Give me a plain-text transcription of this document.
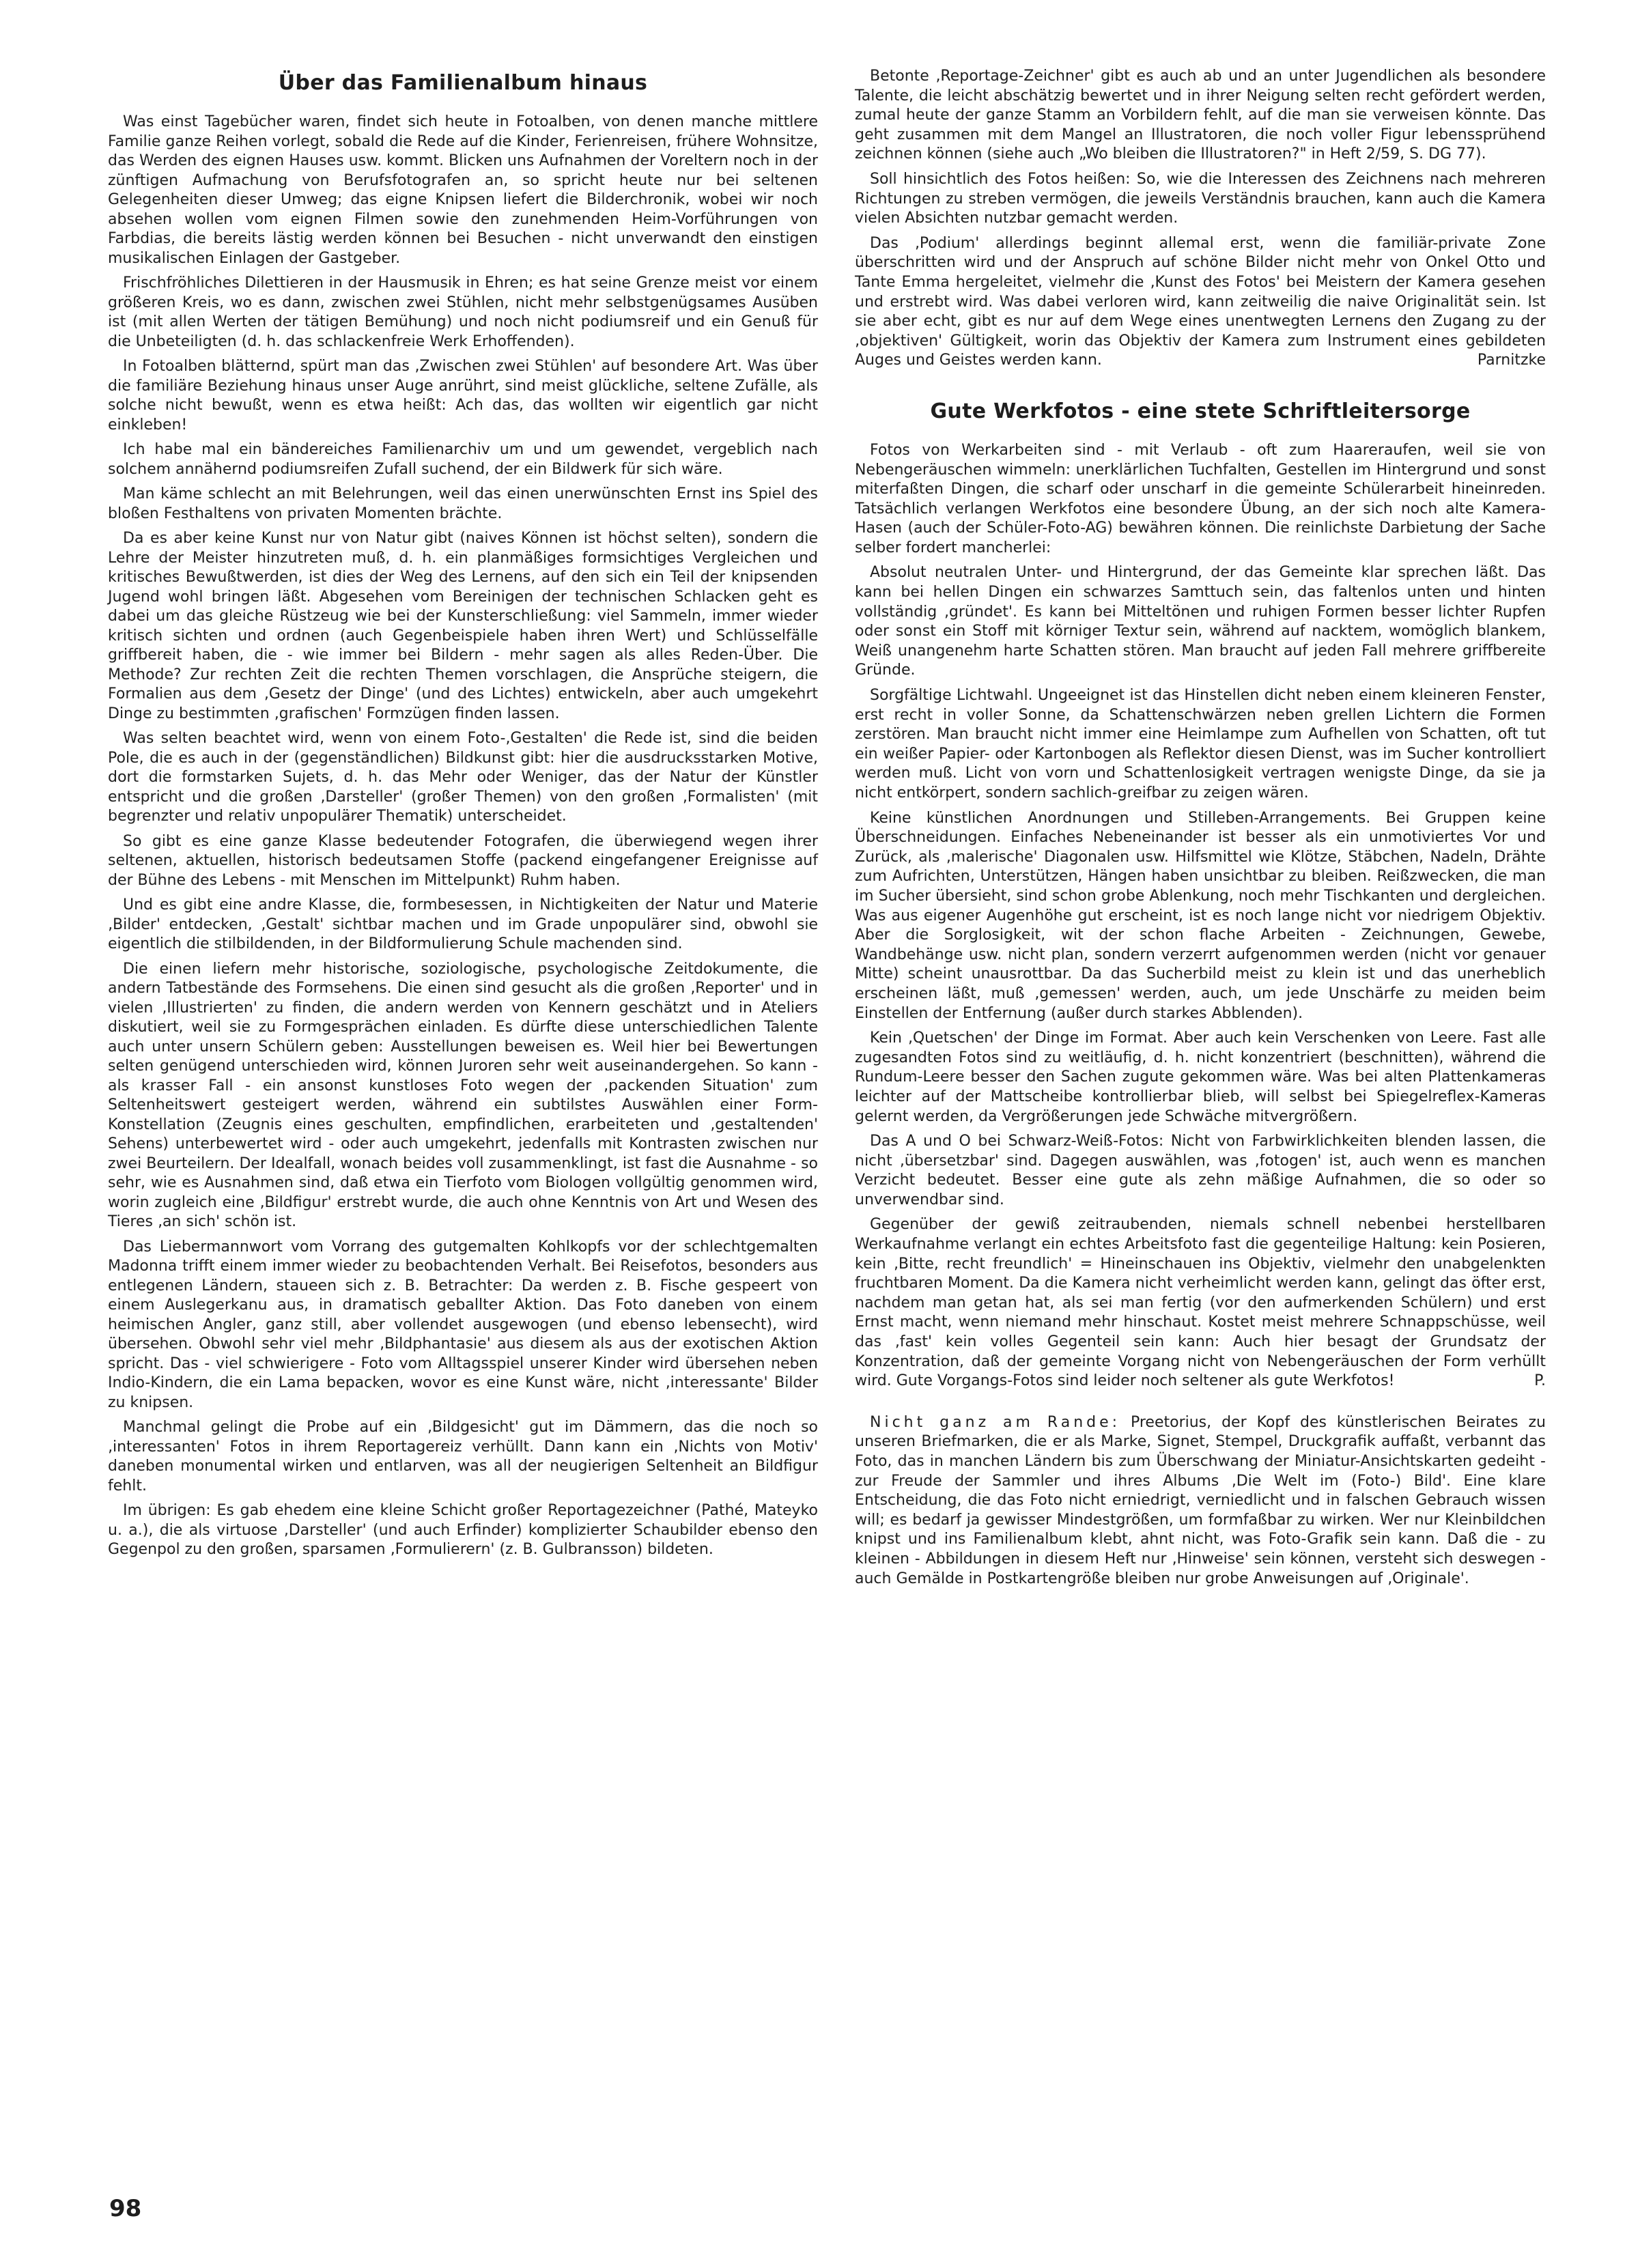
Über das Familienalbum hinaus

Was einst Tagebücher waren, findet sich heute in Fotoalben, von denen manche mittlere Familie ganze Reihen vorlegt, sobald die Rede auf die Kinder, Ferienreisen, frühere Wohnsitze, das Werden des eignen Hauses usw. kommt. Blicken uns Aufnahmen der Voreltern noch in der zünftigen Aufmachung von Berufsfotografen an, so spricht heute nur bei seltenen Gelegenheiten dieser Umweg; das eigne Knipsen liefert die Bilderchronik, wobei wir noch absehen wollen vom eignen Filmen sowie den zunehmenden Heim-Vorführungen von Farbdias, die bereits lästig werden können bei Besuchen - nicht unverwandt den einstigen musikalischen Einlagen der Gastgeber.

Frischfröhliches Dilettieren in der Hausmusik in Ehren; es hat seine Grenze meist vor einem größeren Kreis, wo es dann, zwischen zwei Stühlen, nicht mehr selbstgenügsames Ausüben ist (mit allen Werten der tätigen Bemühung) und noch nicht podiumsreif und ein Genuß für die Unbeteiligten (d. h. das schlackenfreie Werk Erhoffenden).

In Fotoalben blätternd, spürt man das ‚Zwischen zwei Stühlen' auf besondere Art. Was über die familiäre Beziehung hinaus unser Auge anrührt, sind meist glückliche, seltene Zufälle, als solche nicht bewußt, wenn es etwa heißt: Ach das, das wollten wir eigentlich gar nicht einkleben!

Ich habe mal ein bändereiches Familienarchiv um und um gewendet, vergeblich nach solchem annähernd podiumsreifen Zufall suchend, der ein Bildwerk für sich wäre.

Man käme schlecht an mit Belehrungen, weil das einen unerwünschten Ernst ins Spiel des bloßen Festhaltens von privaten Momenten brächte.

Da es aber keine Kunst nur von Natur gibt (naives Können ist höchst selten), sondern die Lehre der Meister hinzutreten muß, d. h. ein planmäßiges formsichtiges Vergleichen und kritisches Bewußtwerden, ist dies der Weg des Lernens, auf den sich ein Teil der knipsenden Jugend wohl bringen läßt. Abgesehen vom Bereinigen der technischen Schlacken geht es dabei um das gleiche Rüstzeug wie bei der Kunsterschließung: viel Sammeln, immer wieder kritisch sichten und ordnen (auch Gegenbeispiele haben ihren Wert) und Schlüsselfälle griffbereit haben, die - wie immer bei Bildern - mehr sagen als alles Reden-Über. Die Methode? Zur rechten Zeit die rechten Themen vorschlagen, die Ansprüche steigern, die Formalien aus dem ‚Gesetz der Dinge' (und des Lichtes) entwickeln, aber auch umgekehrt Dinge zu bestimmten ‚grafischen' Formzügen finden lassen.

Was selten beachtet wird, wenn von einem Foto-‚Gestalten' die Rede ist, sind die beiden Pole, die es auch in der (gegenständlichen) Bildkunst gibt: hier die ausdrucksstarken Motive, dort die formstarken Sujets, d. h. das Mehr oder Weniger, das der Natur der Künstler entspricht und die großen ‚Darsteller' (großer Themen) von den großen ‚Formalisten' (mit begrenzter und relativ unpopulärer Thematik) unterscheidet.

So gibt es eine ganze Klasse bedeutender Fotografen, die überwiegend wegen ihrer seltenen, aktuellen, historisch bedeutsamen Stoffe (packend eingefangener Ereignisse auf der Bühne des Lebens - mit Menschen im Mittelpunkt) Ruhm haben.

Und es gibt eine andre Klasse, die, formbesessen, in Nichtigkeiten der Natur und Materie ‚Bilder' entdecken, ‚Gestalt' sichtbar machen und im Grade unpopulärer sind, obwohl sie eigentlich die stilbildenden, in der Bildformulierung Schule machenden sind.

Die einen liefern mehr historische, soziologische, psychologische Zeitdokumente, die andern Tatbestände des Formsehens. Die einen sind gesucht als die großen ‚Reporter' und in vielen ‚Illustrierten' zu finden, die andern werden von Kennern geschätzt und in Ateliers diskutiert, weil sie zu Formgesprächen einladen. Es dürfte diese unterschiedlichen Talente auch unter unsern Schülern geben: Ausstellungen beweisen es. Weil hier bei Bewertungen selten genügend unterschieden wird, können Juroren sehr weit auseinandergehen. So kann - als krasser Fall - ein ansonst kunstloses Foto wegen der ‚packenden Situation' zum Seltenheitswert gesteigert werden, während ein subtilstes Auswählen einer Form-Konstellation (Zeugnis eines geschulten, empfindlichen, erarbeiteten und ‚gestaltenden' Sehens) unterbewertet wird - oder auch umgekehrt, jedenfalls mit Kontrasten zwischen nur zwei Beurteilern. Der Idealfall, wonach beides voll zusammenklingt, ist fast die Ausnahme - so sehr, wie es Ausnahmen sind, daß etwa ein Tierfoto vom Biologen vollgültig genommen wird, worin zugleich eine ‚Bildfigur' erstrebt wurde, die auch ohne Kenntnis von Art und Wesen des Tieres ‚an sich' schön ist.

Das Liebermannwort vom Vorrang des gutgemalten Kohlkopfs vor der schlechtgemalten Madonna trifft einem immer wieder zu beobachtenden Verhalt. Bei Reisefotos, besonders aus entlegenen Ländern, staueen sich z. B. Betrachter: Da werden z. B. Fische gespeert von einem Auslegerkanu aus, in dramatisch geballter Aktion. Das Foto daneben von einem heimischen Angler, ganz still, aber vollendet ausgewogen (und ebenso lebensecht), wird übersehen. Obwohl sehr viel mehr ‚Bildphantasie' aus diesem als aus der exotischen Aktion spricht. Das - viel schwierigere - Foto vom Alltagsspiel unserer Kinder wird übersehen neben Indio-Kindern, die ein Lama bepacken, wovor es eine Kunst wäre, nicht ‚interessante' Bilder zu knipsen.

Manchmal gelingt die Probe auf ein ‚Bildgesicht' gut im Dämmern, das die noch so ‚interessanten' Fotos in ihrem Reportagereiz verhüllt. Dann kann ein ‚Nichts von Motiv' daneben monumental wirken und entlarven, was all der neugierigen Seltenheit an Bildfigur fehlt.

Im übrigen: Es gab ehedem eine kleine Schicht großer Reportagezeichner (Pathé, Mateyko u. a.), die als virtuose ‚Darsteller' (und auch Erfinder) komplizierter Schaubilder ebenso den Gegenpol zu den großen, sparsamen ‚Formulierern' (z. B. Gulbransson) bildeten.

Betonte ‚Reportage-Zeichner' gibt es auch ab und an unter Jugendlichen als besondere Talente, die leicht abschätzig bewertet und in ihrer Neigung selten recht gefördert werden, zumal heute der ganze Stamm an Vorbildern fehlt, auf die man sie verweisen könnte. Das geht zusammen mit dem Mangel an Illustratoren, die noch voller Figur lebenssprühend zeichnen können (siehe auch „Wo bleiben die Illustratoren?" in Heft 2/59, S. DG 77).

Soll hinsichtlich des Fotos heißen: So, wie die Interessen des Zeichnens nach mehreren Richtungen zu streben vermögen, die jeweils Verständnis brauchen, kann auch die Kamera vielen Absichten nutzbar gemacht werden.

Das ‚Podium' allerdings beginnt allemal erst, wenn die familiär-private Zone überschritten wird und der Anspruch auf schöne Bilder nicht mehr von Onkel Otto und Tante Emma hergeleitet, vielmehr die ‚Kunst des Fotos' bei Meistern der Kamera gesehen und erstrebt wird. Was dabei verloren wird, kann zeitweilig die naive Originalität sein. Ist sie aber echt, gibt es nur auf dem Wege eines unentwegten Lernens den Zugang zu der ‚objektiven' Gültigkeit, worin das Objektiv der Kamera zum Instrument eines gebildeten Auges und Geistes werden kann.	Parnitzke

Gute Werkfotos - eine stete Schriftleitersorge

Fotos von Werkarbeiten sind - mit Verlaub - oft zum Haareraufen, weil sie von Nebengeräuschen wimmeln: unerklärlichen Tuchfalten, Gestellen im Hintergrund und sonst miterfaßten Dingen, die scharf oder unscharf in die gemeinte Schülerarbeit hineinreden. Tatsächlich verlangen Werkfotos eine besondere Übung, an der sich noch alte Kamera-Hasen (auch der Schüler-Foto-AG) bewähren können. Die reinlichste Darbietung der Sache selber fordert mancherlei:

Absolut neutralen Unter- und Hintergrund, der das Gemeinte klar sprechen läßt. Das kann bei hellen Dingen ein schwarzes Samttuch sein, das faltenlos unten und hinten vollständig ‚gründet'. Es kann bei Mitteltönen und ruhigen Formen besser lichter Rupfen oder sonst ein Stoff mit körniger Textur sein, während auf nacktem, womöglich blankem, Weiß unangenehm harte Schatten stören. Man braucht auf jeden Fall mehrere griffbereite Gründe.

Sorgfältige Lichtwahl. Ungeeignet ist das Hinstellen dicht neben einem kleineren Fenster, erst recht in voller Sonne, da Schattenschwärzen neben grellen Lichtern die Formen zerstören. Man braucht nicht immer eine Heimlampe zum Aufhellen von Schatten, oft tut ein weißer Papier- oder Kartonbogen als Reflektor diesen Dienst, was im Sucher kontrolliert werden muß. Licht von vorn und Schattenlosigkeit vertragen wenigste Dinge, da sie ja nicht entkörpert, sondern sachlich-greifbar zu zeigen wären.

Keine künstlichen Anordnungen und Stilleben-Arrangements. Bei Gruppen keine Überschneidungen. Einfaches Nebeneinander ist besser als ein unmotiviertes Vor und Zurück, als ‚malerische' Diagonalen usw. Hilfsmittel wie Klötze, Stäbchen, Nadeln, Drähte zum Aufrichten, Unterstützen, Hängen haben unsichtbar zu bleiben. Reißzwecken, die man im Sucher übersieht, sind schon grobe Ablenkung, noch mehr Tischkanten und dergleichen. Was aus eigener Augenhöhe gut erscheint, ist es noch lange nicht vor niedrigem Objektiv. Aber die Sorglosigkeit, wit der schon flache Arbeiten - Zeichnungen, Gewebe, Wandbehänge usw. nicht plan, sondern verzerrt aufgenommen werden (nicht vor genauer Mitte) scheint unausrottbar. Da das Sucherbild meist zu klein ist und das unerheblich erscheinen läßt, muß ‚gemessen' werden, auch, um jede Unschärfe zu meiden beim Einstellen der Entfernung (außer durch starkes Abblenden).

Kein ‚Quetschen' der Dinge im Format. Aber auch kein Verschenken von Leere. Fast alle zugesandten Fotos sind zu weitläufig, d. h. nicht konzentriert (beschnitten), während die Rundum-Leere besser den Sachen zugute gekommen wäre. Was bei alten Plattenkameras leichter auf der Mattscheibe kontrollierbar blieb, will selbst bei Spiegelreflex-Kameras gelernt werden, da Vergrößerungen jede Schwäche mitvergrößern.

Das A und O bei Schwarz-Weiß-Fotos: Nicht von Farbwirklichkeiten blenden lassen, die nicht ‚übersetzbar' sind. Dagegen auswählen, was ‚fotogen' ist, auch wenn es manchen Verzicht bedeutet. Besser eine gute als zehn mäßige Aufnahmen, die so oder so unverwendbar sind.

Gegenüber der gewiß zeitraubenden, niemals schnell nebenbei herstellbaren Werkaufnahme verlangt ein echtes Arbeitsfoto fast die gegenteilige Haltung: kein Posieren, kein ‚Bitte, recht freundlich' = Hineinschauen ins Objektiv, vielmehr den unabgelenkten fruchtbaren Moment. Da die Kamera nicht verheimlicht werden kann, gelingt das öfter erst, nachdem man getan hat, als sei man fertig (vor den aufmerkenden Schülern) und erst Ernst macht, wenn niemand mehr hinschaut. Kostet meist mehrere Schnappschüsse, weil das ‚fast' kein volles Gegenteil sein kann: Auch hier besagt der Grundsatz der Konzentration, daß der gemeinte Vorgang nicht von Nebengeräuschen der Form verhüllt wird. Gute Vorgangs-Fotos sind leider noch seltener als gute Werkfotos!	P.

Nicht ganz am Rande: Preetorius, der Kopf des künstlerischen Beirates zu unseren Briefmarken, die er als Marke, Signet, Stempel, Druckgrafik auffaßt, verbannt das Foto, das in manchen Ländern bis zum Überschwang der Miniatur-Ansichtskarten gedeiht - zur Freude der Sammler und ihres Albums ‚Die Welt im (Foto-) Bild'. Eine klare Entscheidung, die das Foto nicht erniedrigt, verniedlicht und in falschen Gebrauch wissen will; es bedarf ja gewisser Mindestgrößen, um formfaßbar zu wirken. Wer nur Kleinbildchen knipst und ins Familienalbum klebt, ahnt nicht, was Foto-Grafik sein kann. Daß die - zu kleinen - Abbildungen in diesem Heft nur ‚Hinweise' sein können, versteht sich deswegen - auch Gemälde in Postkartengröße bleiben nur grobe Anweisungen auf ‚Originale'.

98
